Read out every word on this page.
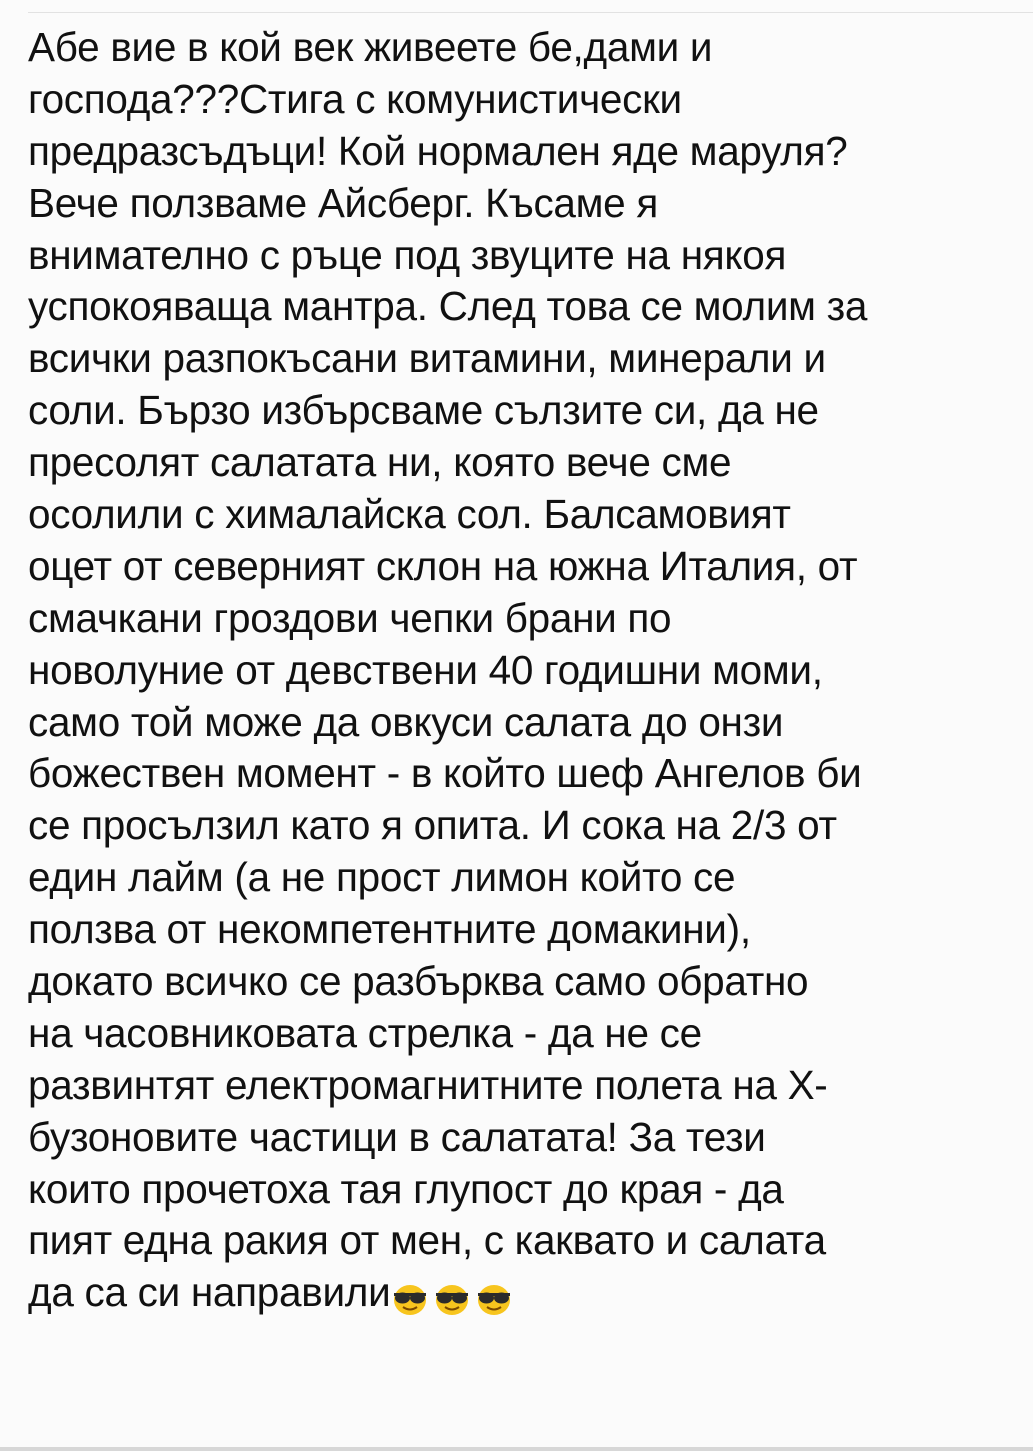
Абе вие в кой век живеете бе,дами и
господа???Стига с комунистически
предразсъдъци! Кой нормален яде маруля?
Вече ползваме Айсберг. Късаме я
внимателно с ръце под звуците на някоя
успокояваща мантра. След това се молим за
всички разпокъсани витамини, минерали и
соли. Бързо избърсваме сълзите си, да не
пресолят салатата ни, която вече сме
осолили с хималайска сол. Балсамовият
оцет от северният склон на южна Италия, от
смачкани гроздови чепки брани по
новолуние от девствени 40 годишни моми,
само той може да овкуси салата до онзи
божествен момент - в който шеф Ангелов би
се просълзил като я опита. И сока на 2/3 от
един лайм (а не прост лимон който се
ползва от некомпетентните домакини),
докато всичко се разбърква само обратно
на часовниковата стрелка - да не се
развинтят електромагнитните полета на Х-
бузоновите частици в салатата! За тези
които прочетоха тая глупост до края - да
пият една ракия от мен, с каквато и салата
да са си направили
